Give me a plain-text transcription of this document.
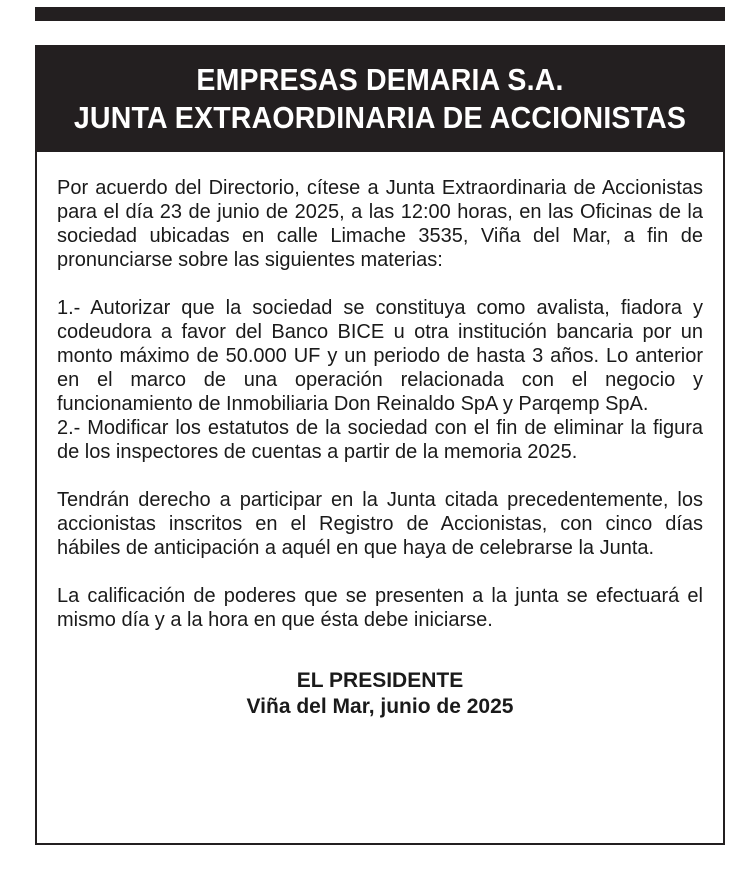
EMPRESAS DEMARIA S.A.
JUNTA EXTRAORDINARIA DE ACCIONISTAS

Por acuerdo del Directorio, cítese a Junta Extraordinaria de Accionistas para el día 23 de junio de 2025, a las 12:00 horas, en las Oficinas de la sociedad ubicadas en calle Limache 3535, Viña del Mar, a fin de pronunciarse sobre las siguientes materias:

1.- Autorizar que la sociedad se constituya como avalista, fiadora y codeudora a favor del Banco BICE u otra institución bancaria por un monto máximo de 50.000 UF y un periodo de hasta 3 años. Lo anterior en el marco de una operación relacionada con el negocio y funcionamiento de Inmobiliaria Don Reinaldo SpA y Parqemp SpA.

2.- Modificar los estatutos de la sociedad con el fin de eliminar la figura de los inspectores de cuentas a partir de la memoria 2025.

Tendrán derecho a participar en la Junta citada precedentemente, los accionistas inscritos en el Registro de Accionistas, con cinco días hábiles de anticipación a aquél en que haya de celebrarse la Junta.

La calificación de poderes que se presenten a la junta se efectuará el mismo día y a la hora en que ésta debe iniciarse.

EL PRESIDENTE
Viña del Mar, junio de 2025
